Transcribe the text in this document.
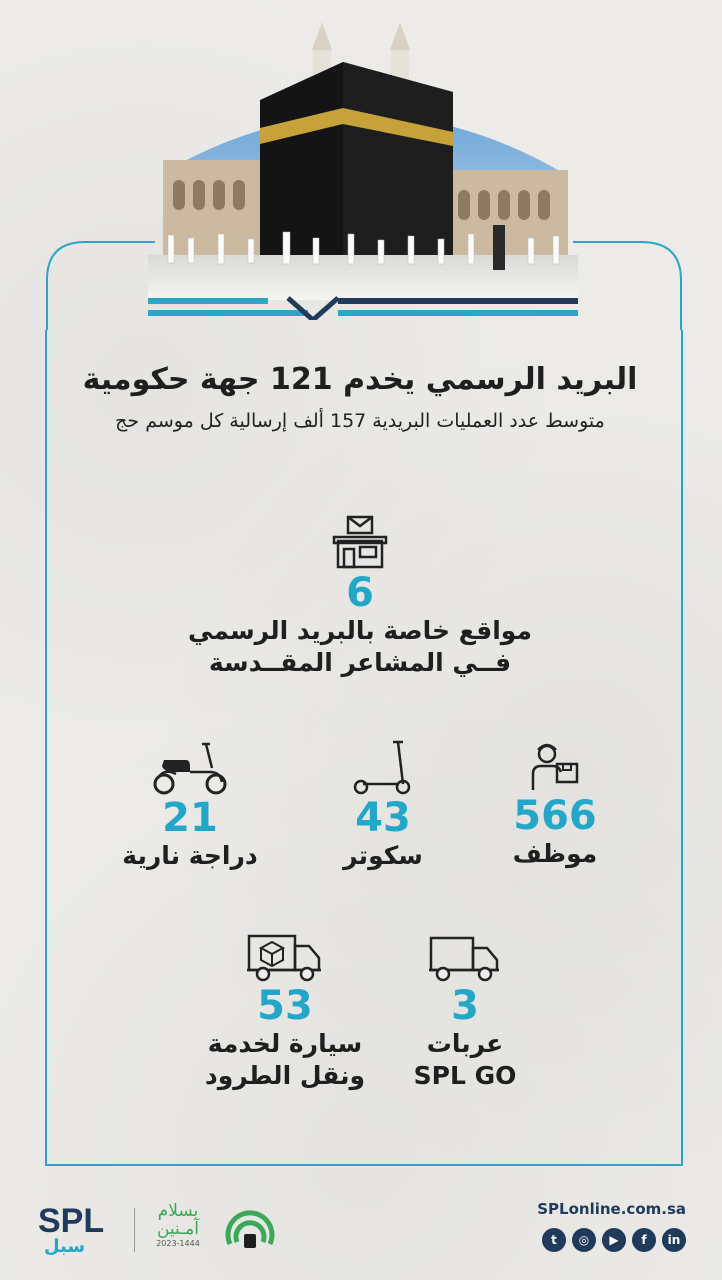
البريد الرسمي يخدم 121 جهة حكومية
متوسط عدد العمليات البريدية 157 ألف إرسالية كل موسم حج
6
مواقع خاصة بالبريد الرسمي
فــي المشاعر المقــدسة
566
موظف
43
سكوتر
21
دراجة نارية
3
عربات
SPL GO
53
سيارة لخدمة
ونقل الطرود
SPL
سبل
بسلام
آمـنين
2023-1444
SPLonline.com.sa
t	◎	▶	f	in
